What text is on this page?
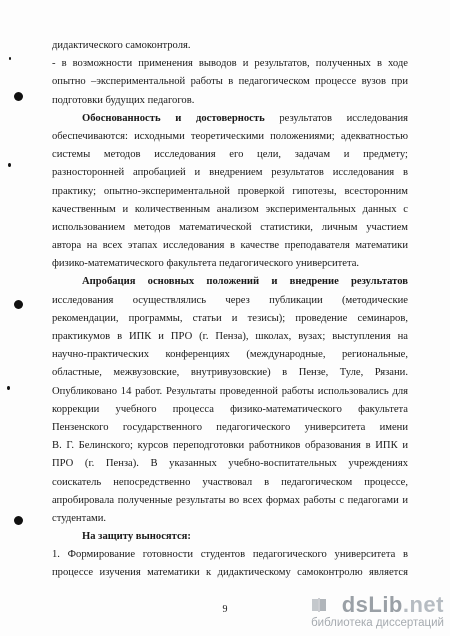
дидактического самоконтроля.
- в возможности применения выводов и результатов, полученных в ходе
опытно –экспериментальной работы в педагогическом процессе вузов при
подготовки будущих педагогов.
Обоснованность и достоверность результатов исследования
обеспечиваются: исходными теоретическими положениями; адекватностью
системы методов исследования его цели, задачам и предмету;
разносторонней апробацией и внедрением результатов исследования в
практику; опытно-экспериментальной проверкой гипотезы, всесторонним
качественным и количественным анализом экспериментальных данных с
использованием методов математической статистики, личным участием
автора на всех этапах исследования в качестве преподавателя математики
физико-математического факультета педагогического университета.
Апробация основных положений и внедрение результатов
исследования осуществлялись через публикации (методические
рекомендации, программы, статьи и тезисы); проведение семинаров,
практикумов в ИПК и ПРО (г. Пенза), школах, вузах; выступления на
научно-практических конференциях (международные, региональные,
областные, межвузовские, внутривузовские) в Пензе, Туле, Рязани.
Опубликовано 14 работ. Результаты проведенной работы использовались для
коррекции учебного процесса физико-математического факультета
Пензенского государственного педагогического университета имени
В. Г. Белинского; курсов переподготовки работников образования в ИПК и
ПРО (г. Пенза). В указанных учебно-воспитательных учреждениях
соискатель непосредственно участвовал в педагогическом процессе,
апробировала полученные результаты во всех формах работы с педагогами и
студентами.
На защиту выносятся:
1. Формирование готовности студентов педагогического университета в
процессе изучения математики к дидактическому самоконтролю является
9	dsLib.net
библиотека диссертаций
